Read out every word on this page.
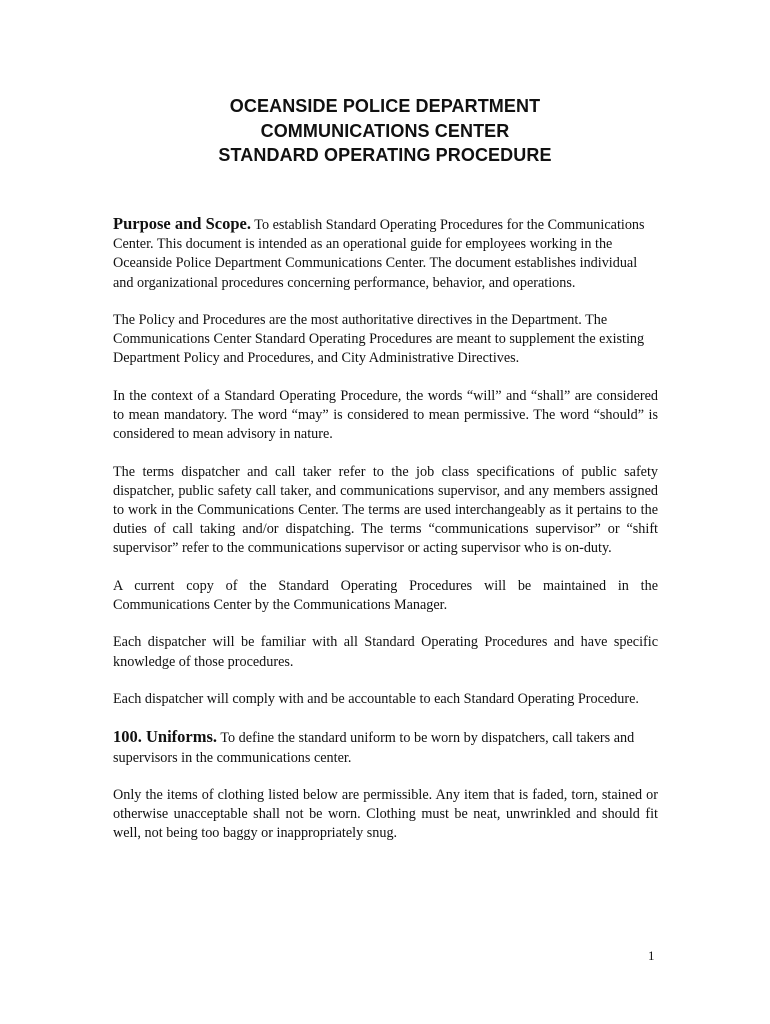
OCEANSIDE POLICE DEPARTMENT
COMMUNICATIONS CENTER
STANDARD OPERATING PROCEDURE

Purpose and Scope. To establish Standard Operating Procedures for the Communications Center. This document is intended as an operational guide for employees working in the Oceanside Police Department Communications Center. The document establishes individual and organizational procedures concerning performance, behavior, and operations.

The Policy and Procedures are the most authoritative directives in the Department. The Communications Center Standard Operating Procedures are meant to supplement the existing Department Policy and Procedures, and City Administrative Directives.

In the context of a Standard Operating Procedure, the words “will” and “shall” are considered to mean mandatory. The word “may” is considered to mean permissive. The word “should” is considered to mean advisory in nature.

The terms dispatcher and call taker refer to the job class specifications of public safety dispatcher, public safety call taker, and communications supervisor, and any members assigned to work in the Communications Center. The terms are used interchangeably as it pertains to the duties of call taking and/or dispatching. The terms “communications supervisor” or “shift supervisor” refer to the communications supervisor or acting supervisor who is on-duty.

A current copy of the Standard Operating Procedures will be maintained in the Communications Center by the Communications Manager.

Each dispatcher will be familiar with all Standard Operating Procedures and have specific knowledge of those procedures.

Each dispatcher will comply with and be accountable to each Standard Operating Procedure.

100. Uniforms. To define the standard uniform to be worn by dispatchers, call takers and supervisors in the communications center.

Only the items of clothing listed below are permissible. Any item that is faded, torn, stained or otherwise unacceptable shall not be worn. Clothing must be neat, unwrinkled and should fit well, not being too baggy or inappropriately snug.

1
